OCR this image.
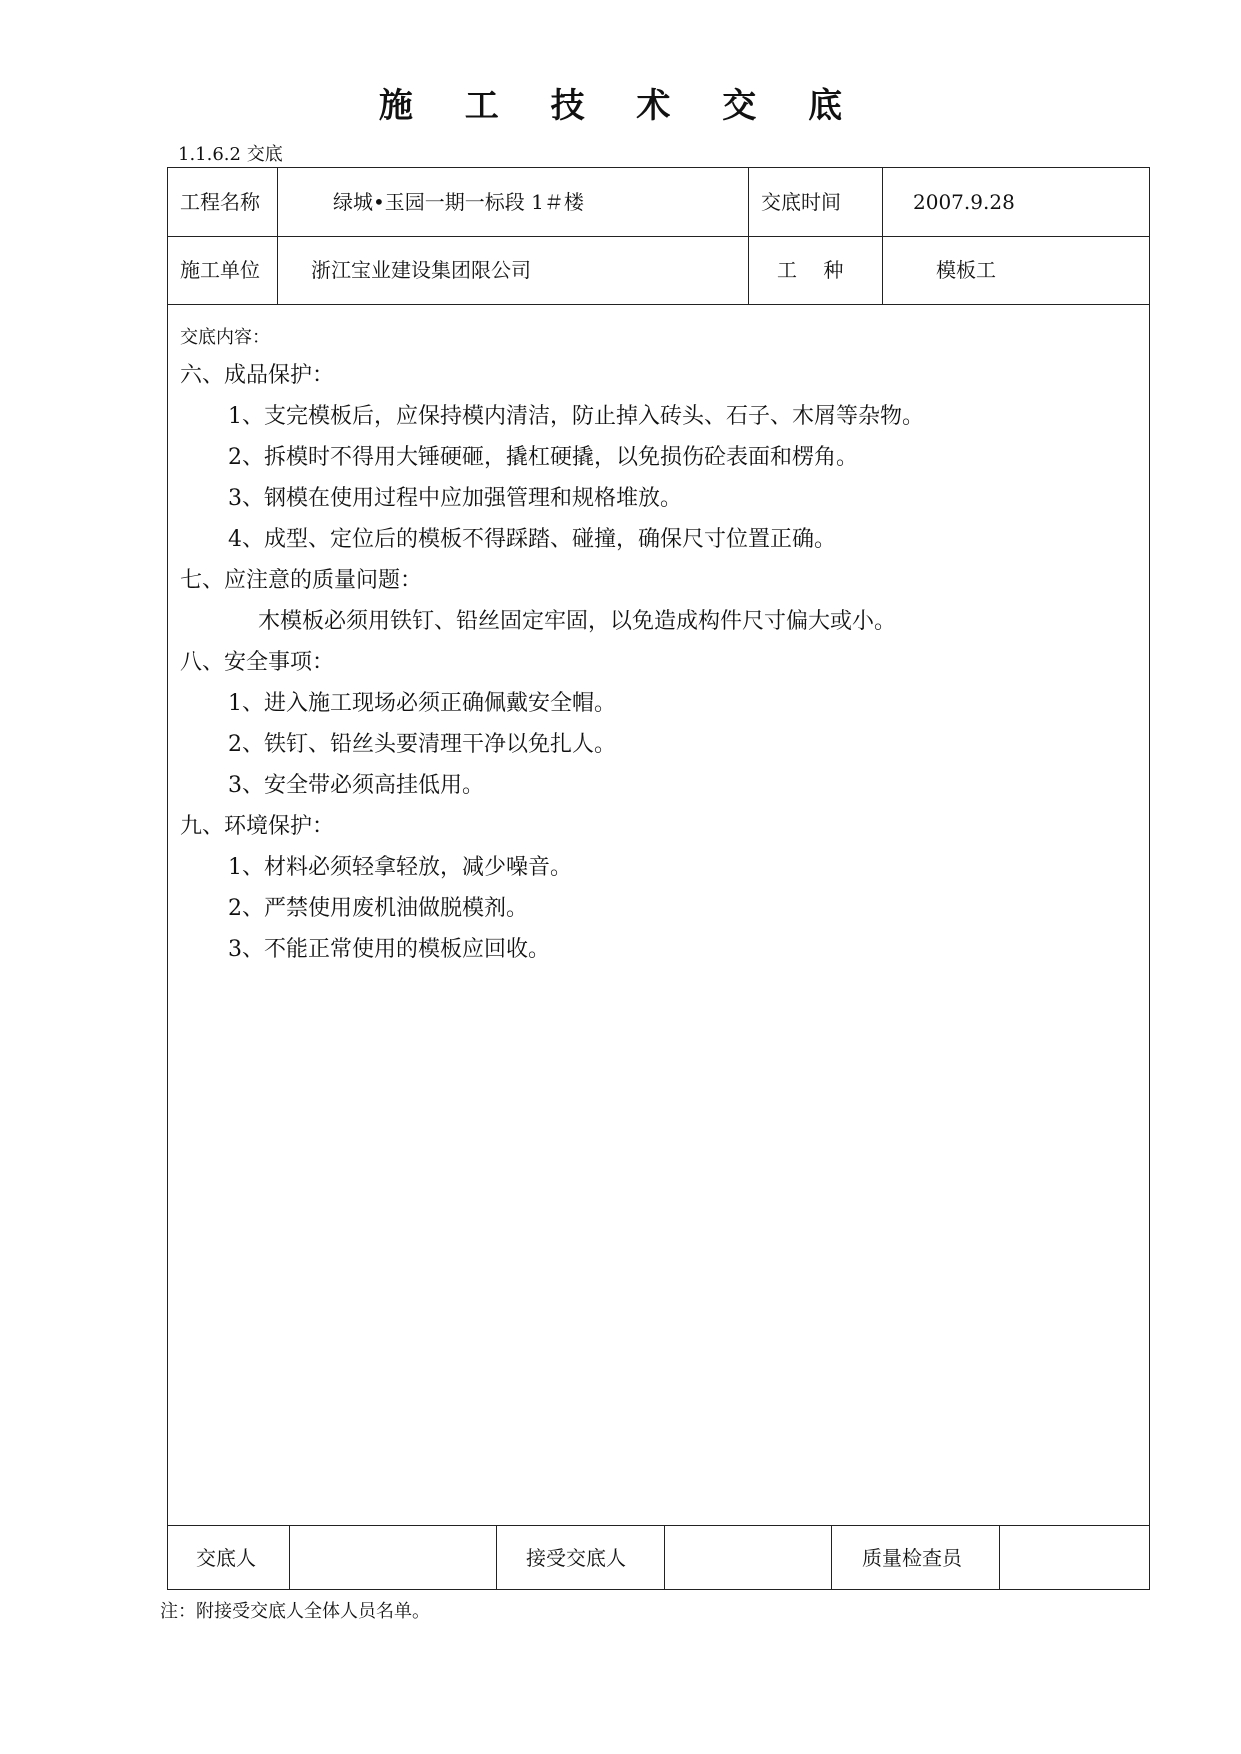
施 工 技 术 交 底
1.1.6.2 交底
工程名称	绿城•玉园一期一标段 1＃楼	交底时间	2007.9.28
施工单位	浙江宝业建设集团限公司	工　 种	模板工
交底内容：
六、成品保护：
1、支完模板后，应保持模内清洁，防止掉入砖头、石子、木屑等杂物。
2、拆模时不得用大锤硬砸，撬杠硬撬，以免损伤砼表面和楞角。
3、钢模在使用过程中应加强管理和规格堆放。
4、成型、定位后的模板不得踩踏、碰撞，确保尺寸位置正确。
七、应注意的质量问题：
木模板必须用铁钉、铅丝固定牢固，以免造成构件尺寸偏大或小。
八、安全事项：
1、进入施工现场必须正确佩戴安全帽。
2、铁钉、铅丝头要清理干净以免扎人。
3、安全带必须高挂低用。
九、环境保护：
1、材料必须轻拿轻放，减少噪音。
2、严禁使用废机油做脱模剂。
3、不能正常使用的模板应回收。
交底人	接受交底人	质量检查员
注：附接受交底人全体人员名单。
